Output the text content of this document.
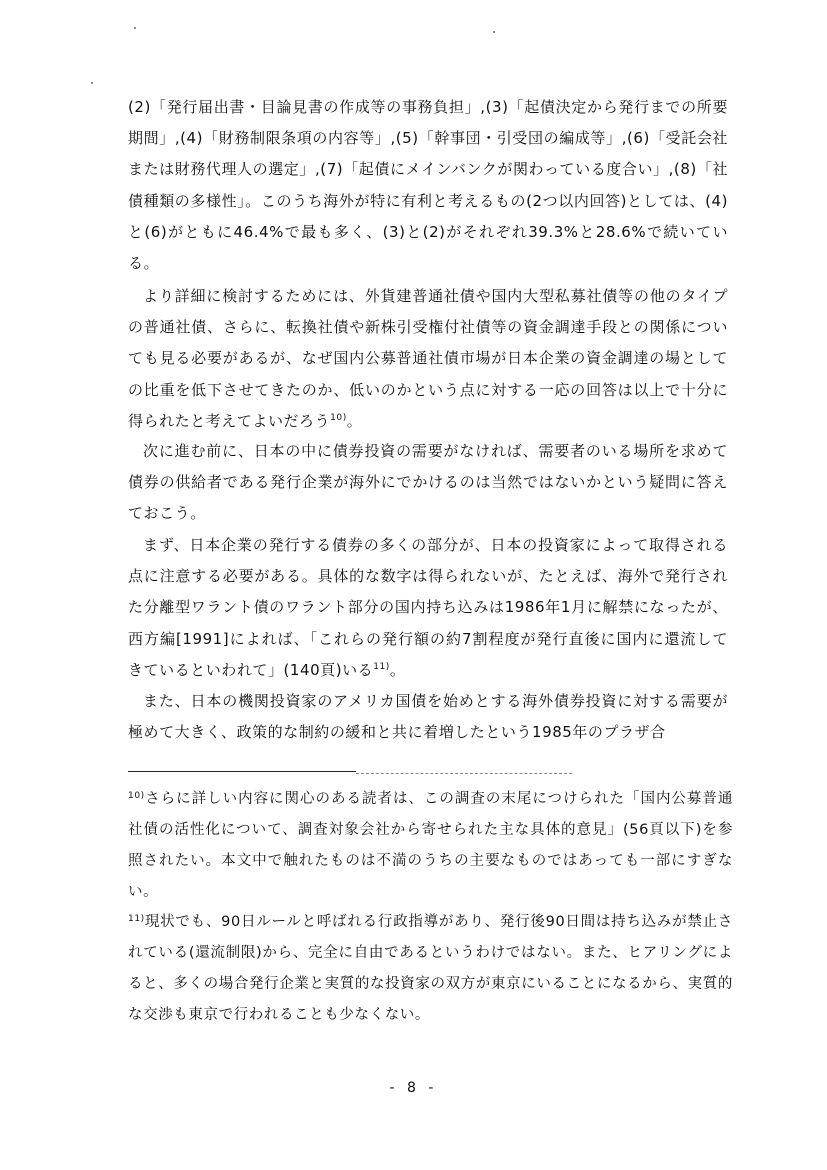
(2)「発行届出書・目論見書の作成等の事務負担」,(3)「起債決定から発行までの所要期間」,(4)「財務制限条項の内容等」,(5)「幹事団・引受団の編成等」,(6)「受託会社または財務代理人の選定」,(7)「起債にメインバンクが関わっている度合い」,(8)「社債種類の多様性」。このうち海外が特に有利と考えるもの(2つ以内回答)としては、(4)と(6)がともに46.4%で最も多く、(3)と(2)がそれぞれ39.3%と28.6%で続いている。

より詳細に検討するためには、外貨建普通社債や国内大型私募社債等の他のタイプの普通社債、さらに、転換社債や新株引受権付社債等の資金調達手段との関係についても見る必要があるが、なぜ国内公募普通社債市場が日本企業の資金調達の場としての比重を低下させてきたのか、低いのかという点に対する一応の回答は以上で十分に得られたと考えてよいだろう$^{10)}$。

次に進む前に、日本の中に債券投資の需要がなければ、需要者のいる場所を求めて債券の供給者である発行企業が海外にでかけるのは当然ではないかという疑問に答えておこう。

まず、日本企業の発行する債券の多くの部分が、日本の投資家によって取得される点に注意する必要がある。具体的な数字は得られないが、たとえば、海外で発行された分離型ワラント債のワラント部分の国内持ち込みは1986年1月に解禁になったが、西方編[1991]によれば、「これらの発行額の約7割程度が発行直後に国内に還流してきているといわれて」(140頁)いる$^{11)}$。

また、日本の機関投資家のアメリカ国債を始めとする海外債券投資に対する需要が極めて大きく、政策的な制約の緩和と共に着増したという1985年のプラザ合

$^{10)}$さらに詳しい内容に関心のある読者は、この調査の末尾につけられた「国内公募普通社債の活性化について、調査対象会社から寄せられた主な具体的意見」(56頁以下)を参照されたい。本文中で触れたものは不満のうちの主要なものではあっても一部にすぎない。

$^{11)}$現状でも、90日ルールと呼ばれる行政指導があり、発行後90日間は持ち込みが禁止されている(還流制限)から、完全に自由であるというわけではない。また、ヒアリングによると、多くの場合発行企業と実質的な投資家の双方が東京にいることになるから、実質的な交渉も東京で行われることも少なくない。

- 8 -
